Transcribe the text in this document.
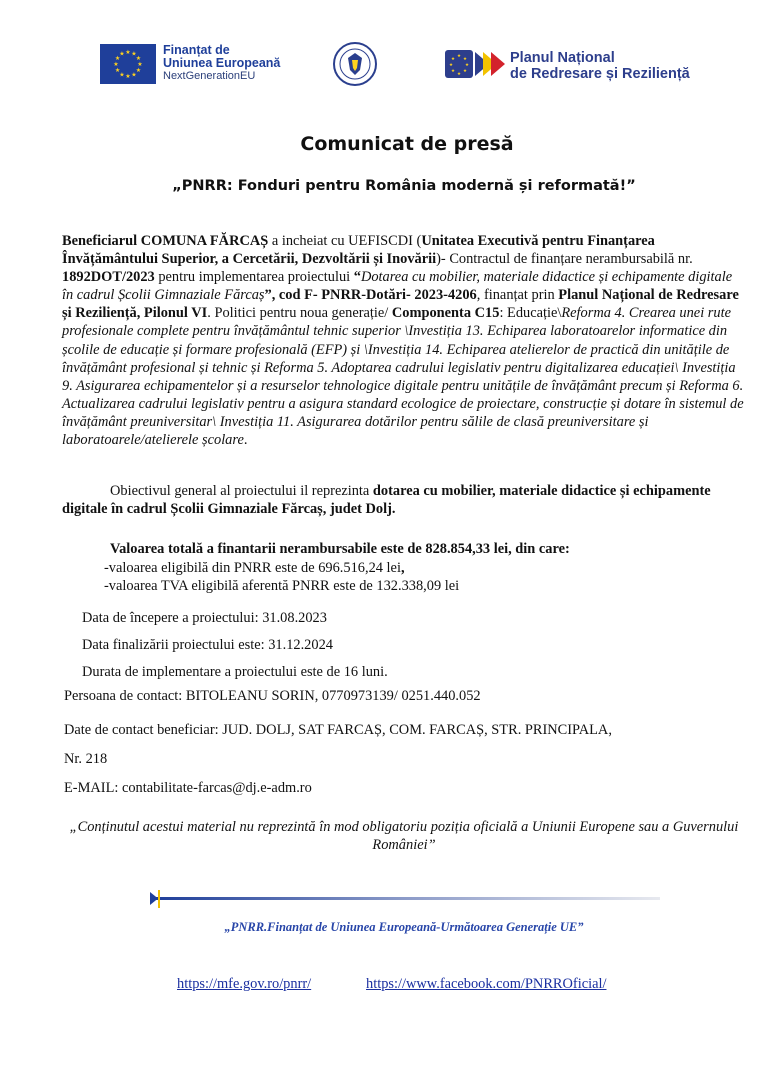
★ ★
★
★
★
★
★
★
★
★
★
★	Finanțat de
Uniunea Europeană
NextGenerationEU
★
★
★
★
★
★
★
★	Planul Național
de Redresare și Reziliență
Comunicat de presă
„PNRR: Fonduri pentru România modernă și reformată!”
Beneficiarul COMUNA FĂRCAȘ a incheiat cu UEFISCDI (Unitatea Executivă pentru Finanțarea Învățământului Superior, a Cercetării, Dezvoltării și Inovării)- Contractul de finanțare nerambursabilă nr. 1892DOT/2023 pentru implementarea proiectului “Dotarea cu mobilier, materiale didactice și echipamente digitale în cadrul Școlii Gimnaziale Fărcaș”, cod F- PNRR-Dotări- 2023-4206, finanțat prin Planul Național de Redresare și Reziliență, Pilonul VI. Politici pentru noua generație/ Componenta C15: Educație\Reforma 4. Crearea unei rute profesionale complete pentru învățământul tehnic superior \Investiția 13. Echiparea laboratoarelor informatice din școlile de educație și formare profesională (EFP) și \Investiția 14. Echiparea atelierelor de practică din unitățile de învățământ profesional și tehnic și Reforma 5. Adoptarea cadrului legislativ pentru digitalizarea educației\ Investiția 9. Asigurarea echipamentelor și a resurselor tehnologice digitale pentru unitățile de învățământ precum și Reforma 6. Actualizarea cadrului legislativ pentru a asigura standard ecologice de proiectare, construcție și dotare în sistemul de învățământ preuniversitar\ Investiția 11. Asigurarea dotărilor pentru sălile de clasă preuniversitare și laboratoarele/atelierele școlare.
Obiectivul general al proiectului il reprezinta dotarea cu mobilier, materiale didactice și echipamente digitale în cadrul Școlii Gimnaziale Fărcaș, judet Dolj.
Valoarea totală a finantarii nerambursabile este de 828.854,33 lei, din care:
-valoarea eligibilă din PNRR este de 696.516,24 lei,
-valoarea TVA eligibilă aferentă PNRR este de 132.338,09 lei
Data de începere a proiectului: 31.08.2023
Data finalizării proiectului este: 31.12.2024
Durata de implementare a proiectului este de 16 luni.
Persoana de contact: BITOLEANU SORIN, 0770973139/ 0251.440.052
Date de contact beneficiar: JUD. DOLJ, SAT FARCAȘ, COM. FARCAȘ, STR. PRINCIPALA,
Nr. 218
E-MAIL: contabilitate-farcas@dj.e-adm.ro
„Conținutul acestui material nu reprezintă în mod obligatoriu poziția oficială a Uniunii Europene sau a Guvernului României”
„PNRR.Finanțat de Uniunea Europeană-Următoarea Generație UE”
https://mfe.gov.ro/pnrr/	https://www.facebook.com/PNRROficial/
